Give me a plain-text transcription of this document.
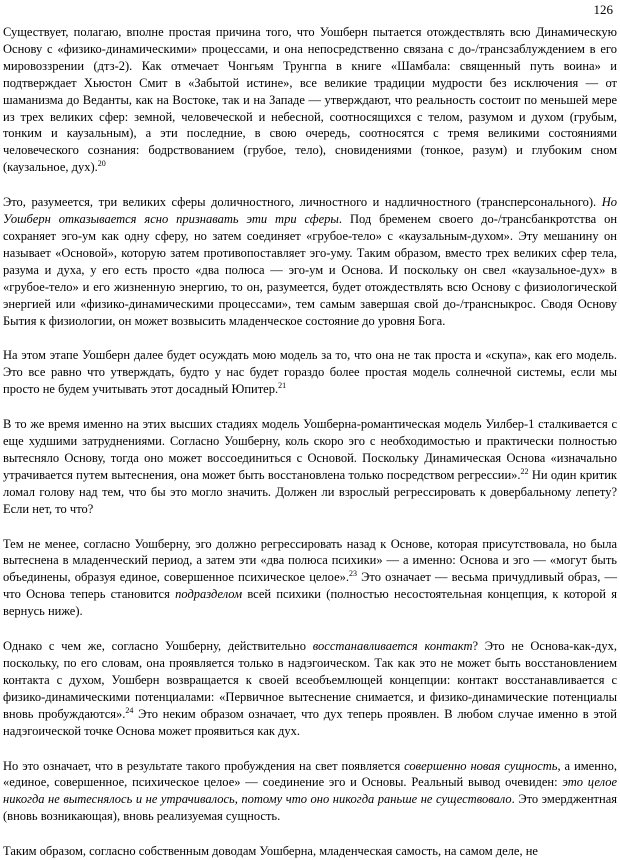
126

Существует, полагаю, вполне простая причина того, что Уошберн пытается отождествлять всю Динамическую Основу с «физико-динамическими» процессами, и она непосредственно связана с до-/трансзаблуждением в его мировоззрении (дтз-2). Как отмечает Чонгьям Трунгпа в книге «Шамбала: священный путь воина» и подтверждает Хьюстон Смит в «Забытой истине», все великие традиции мудрости без исключения — от шаманизма до Веданты, как на Востоке, так и на Западе — утверждают, что реальность состоит по меньшей мере из трех великих сфер: земной, человеческой и небесной, соотносящихся с телом, разумом и духом (грубым, тонким и каузальным), а эти последние, в свою очередь, соотносятся с тремя великими состояниями человеческого сознания: бодрствованием (грубое, тело), сновидениями (тонкое, разум) и глубоким сном (каузальное, дух).$^{20}$

Это, разумеется, три великих сферы доличностного, личностного и надличностного (трансперсонального). Но Уошберн отказывается ясно признавать эти три сферы. Под бременем своего до-/трансбанкротства он сохраняет эго-ум как одну сферу, но затем соединяет «грубое-тело» с «каузальным-духом». Эту мешанину он называет «Основой», которую затем противопоставляет эго-уму. Таким образом, вместо трех великих сфер тела, разума и духа, у его есть просто «два полюса — эго-ум и Основа. И поскольку он свел «каузальное-дух» в «грубое-тело» и его жизненную энергию, то он, разумеется, будет отождествлять всю Основу с физиологической энергией или «физико-динамическими процессами», тем самым завершая свой до-/трансныкрос. Сводя Основу Бытия к физиологии, он может возвысить младенческое состояние до уровня Бога.

На этом этапе Уошберн далее будет осуждать мою модель за то, что она не так проста и «скупа», как его модель. Это все равно что утверждать, будто у нас будет гораздо более простая модель солнечной системы, если мы просто не будем учитывать этот досадный Юпитер.$^{21}$

В то же время именно на этих высших стадиях модель Уошберна-романтическая модель Уилбер-1 сталкивается с еще худшими затруднениями. Согласно Уошберну, коль скоро эго с необходимостью и практически полностью вытесняло Основу, тогда оно может воссоединиться с Основой. Поскольку Динамическая Основа «изначально утрачивается путем вытеснения, она может быть восстановлена только посредством регрессии».$^{22}$ Ни один критик ломал голову над тем, что бы это могло значить. Должен ли взрослый регрессировать к довербальному лепету? Если нет, то что?

Тем не менее, согласно Уошберну, эго должно регрессировать назад к Основе, которая присутствовала, но была вытеснена в младенческий период, а затем эти «два полюса психики» — а именно: Основа и эго — «могут быть объединены, образуя единое, совершенное психическое целое».$^{23}$ Это означает — весьма причудливый образ, — что Основа теперь становится подразделом всей психики (полностью несостоятельная концепция, к которой я вернусь ниже).

Однако с чем же, согласно Уошберну, действительно восстанавливается контакт? Это не Основа-как-дух, поскольку, по его словам, она проявляется только в надэгоическом. Так как это не может быть восстановлением контакта с духом, Уошберн возвращается к своей всеобъемлющей концепции: контакт восстанавливается с физико-динамическими потенциалами: «Первичное вытеснение снимается, и физико-динамические потенциалы вновь пробуждаются».$^{24}$ Это неким образом означает, что дух теперь проявлен. В любом случае именно в этой надэгоической точке Основа может проявиться как дух.

Но это означает, что в результате такого пробуждения на свет появляется совершенно новая сущность, а именно, «единое, совершенное, психическое целое» — соединение эго и Основы. Реальный вывод очевиден: это целое никогда не вытеснялось и не утрачивалось, потому что оно никогда раньше не существовало. Это эмерджентная (вновь возникающая), вновь реализуемая сущность.

Таким образом, согласно собственным доводам Уошберна, младенческая самость, на самом деле, не
